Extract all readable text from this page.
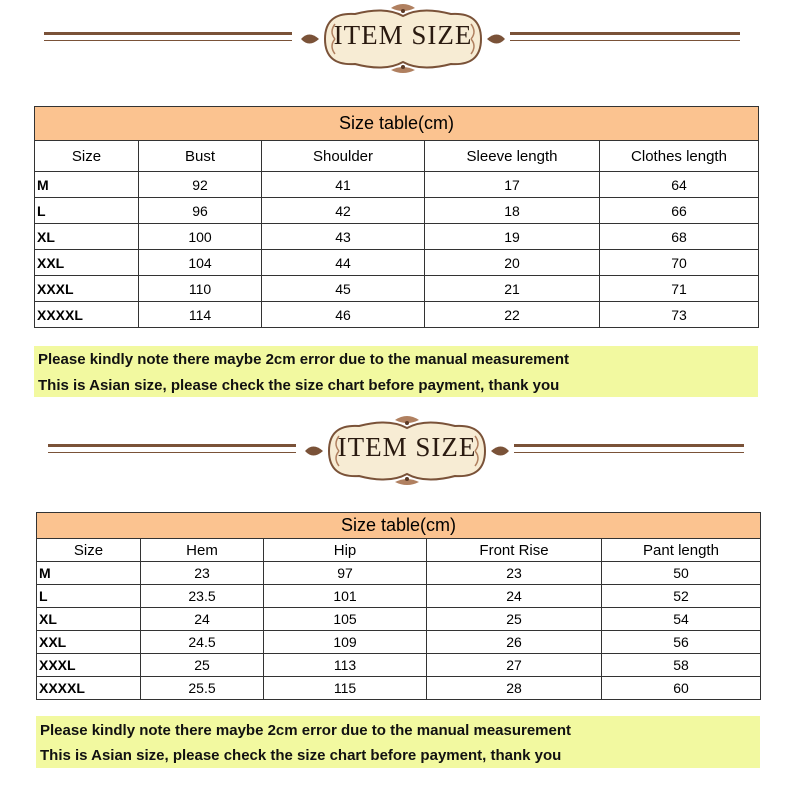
ITEM SIZE
Size table(cm)				
Size	Bust	Shoulder	Sleeve length	Clothes length
M	92	41	17	64
L	96	42	18	66
XL	100	43	19	68
XXL	104	44	20	70
XXXL	110	45	21	71
XXXXL	114	46	22	73
Please kindly note there maybe 2cm error due to the manual measurement
This is Asian size, please check the size chart before payment, thank you
ITEM SIZE
Size table(cm)				
Size	Hem	Hip	Front Rise	Pant length
M	23	97	23	50
L	23.5	101	24	52
XL	24	105	25	54
XXL	24.5	109	26	56
XXXL	25	113	27	58
XXXXL	25.5	115	28	60
Please kindly note there maybe 2cm error due to the manual measurement
This is Asian size, please check the size chart before payment, thank you
